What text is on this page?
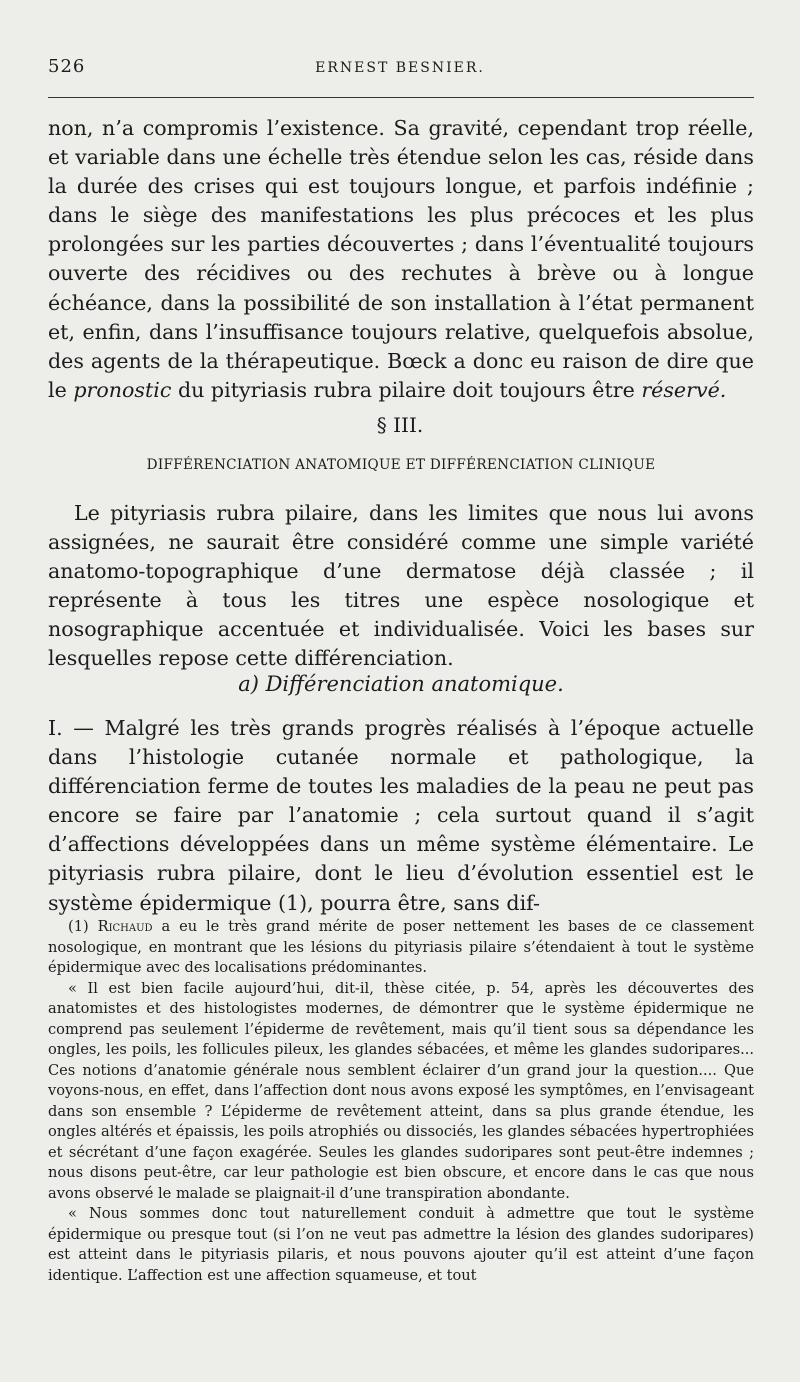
526	ERNEST BESNIER.
non, n’a compromis l’existence. Sa gravité, cependant trop réelle, et variable dans une échelle très étendue selon les cas, réside dans la durée des crises qui est toujours longue, et parfois indéfinie ; dans le siège des manifestations les plus précoces et les plus prolongées sur les parties découvertes ; dans l’éventualité toujours ouverte des récidives ou des rechutes à brève ou à longue échéance, dans la possibilité de son installation à l’état permanent et, enfin, dans l’insuffisance toujours relative, quelquefois absolue, des agents de la thérapeutique. Bœck a donc eu raison de dire que le pronostic du pityriasis rubra pilaire doit toujours être réservé.
§ III.
DIFFÉRENCIATION ANATOMIQUE ET DIFFÉRENCIATION CLINIQUE
Le pityriasis rubra pilaire, dans les limites que nous lui avons assignées, ne saurait être considéré comme une simple variété anatomo-topographique d’une dermatose déjà classée ; il représente à tous les titres une espèce nosologique et nosographique accentuée et individualisée. Voici les bases sur lesquelles repose cette différenciation.
a) Différenciation anatomique.
I. — Malgré les très grands progrès réalisés à l’époque actuelle dans l’histologie cutanée normale et pathologique, la différenciation ferme de toutes les maladies de la peau ne peut pas encore se faire par l’anatomie ; cela surtout quand il s’agit d’affections développées dans un même système élémentaire. Le pityriasis rubra pilaire, dont le lieu d’évolution essentiel est le système épidermique (1), pourra être, sans dif-

(1) Richaud a eu le très grand mérite de poser nettement les bases de ce classement nosologique, en montrant que les lésions du pityriasis pilaire s’étendaient à tout le système épidermique avec des localisations prédominantes.

« Il est bien facile aujourd’hui, dit-il, thèse citée, p. 54, après les découvertes des anatomistes et des histologistes modernes, de démontrer que le système épidermique ne comprend pas seulement l’épiderme de revêtement, mais qu’il tient sous sa dépendance les ongles, les poils, les follicules pileux, les glandes sébacées, et même les glandes sudoripares... Ces notions d’anatomie générale nous semblent éclairer d’un grand jour la question.... Que voyons-nous, en effet, dans l’affection dont nous avons exposé les symptômes, en l’envisageant dans son ensemble ? L’épiderme de revêtement atteint, dans sa plus grande étendue, les ongles altérés et épaissis, les poils atrophiés ou dissociés, les glandes sébacées hypertrophiées et sécrétant d’une façon exagérée. Seules les glandes sudoripares sont peut-être indemnes ; nous disons peut-être, car leur pathologie est bien obscure, et encore dans le cas que nous avons observé le malade se plaignait-il d’une transpiration abondante.

« Nous sommes donc tout naturellement conduit à admettre que tout le système épidermique ou presque tout (si l’on ne veut pas admettre la lésion des glandes sudoripares) est atteint dans le pityriasis pilaris, et nous pouvons ajouter qu’il est atteint d’une façon identique. L’affection est une affection squameuse, et tout
